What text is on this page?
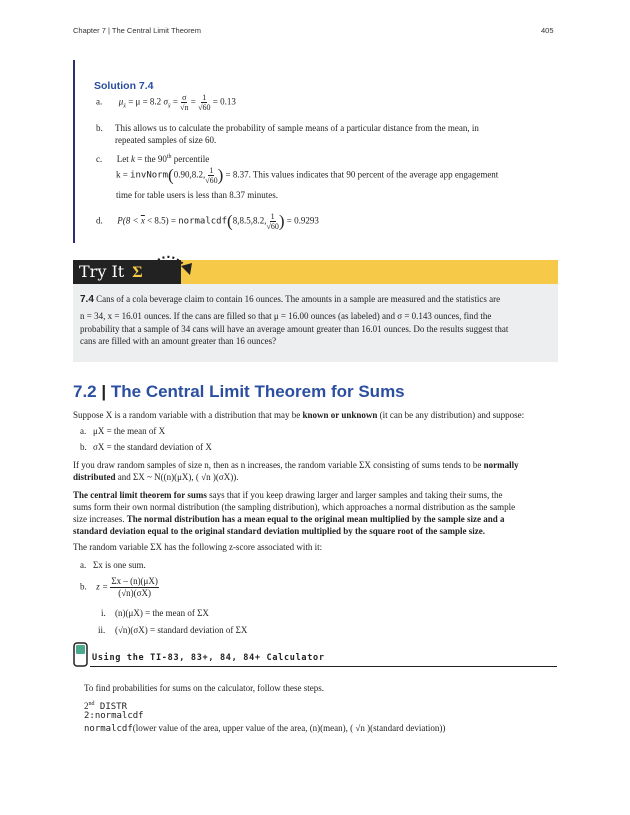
Chapter 7 | The Central Limit Theorem	405
Solution 7.4
a. $\mu_{x̄} = \mu = 8.2$ $\sigma_{x̄} = \frac{\sigma}{√n} = \frac{1}{√60} = 0.13$
b. This allows us to calculate the probability of sample means of a particular distance from the mean, in
repeated samples of size 60.
c. Let k = the 90th percentile
k = invNorm(0.90,8.2, $\frac{1}{√60}$ ) = 8.37. This values indicates that 90 percent of the average app engagement
time for table users is less than 8.37 minutes.
d. $P(8 < \overline{x} < 8.5)$ = normalcdf(8,8.5,8.2, $\frac{1}{√60}$ ) = 0.9293
Try It Σ
7.4 Cans of a cola beverage claim to contain 16 ounces. The amounts in a sample are measured and the statistics are
n = 34, x = 16.01 ounces. If the cans are filled so that μ = 16.00 ounces (as labeled) and σ = 0.143 ounces, find the
probability that a sample of 34 cans will have an average amount greater than 16.01 ounces. Do the results suggest that
cans are filled with an amount greater than 16 ounces?
7.2 | The Central Limit Theorem for Sums
Suppose X is a random variable with a distribution that may be known or unknown (it can be any distribution) and suppose:
a. μX = the mean of X
b. σX = the standard deviation of X
If you draw random samples of size n, then as n increases, the random variable ΣX consisting of sums tends to be normally
distributed and ΣX ~ N((n)(μX), ( √n )(σX)).
The central limit theorem for sums says that if you keep drawing larger and larger samples and taking their sums, the
sums form their own normal distribution (the sampling distribution), which approaches a normal distribution as the sample
size increases. The normal distribution has a mean equal to the original mean multiplied by the sample size and a
standard deviation equal to the original standard deviation multiplied by the square root of the sample size.
The random variable ΣX has the following z-score associated with it:
a. Σx is one sum.
b. $z = \frac{\Sigma x - (n)(\mu X)}{(√n)(\sigma X)}$
i. (n)(μX) = the mean of ΣX
ii. (√n)(σX) = standard deviation of ΣX
Using the TI-83, 83+, 84, 84+ Calculator
To find probabilities for sums on the calculator, follow these steps.
2nd DISTR
2:normalcdf
normalcdf(lower value of the area, upper value of the area, (n)(mean), ( √n )(standard deviation))
